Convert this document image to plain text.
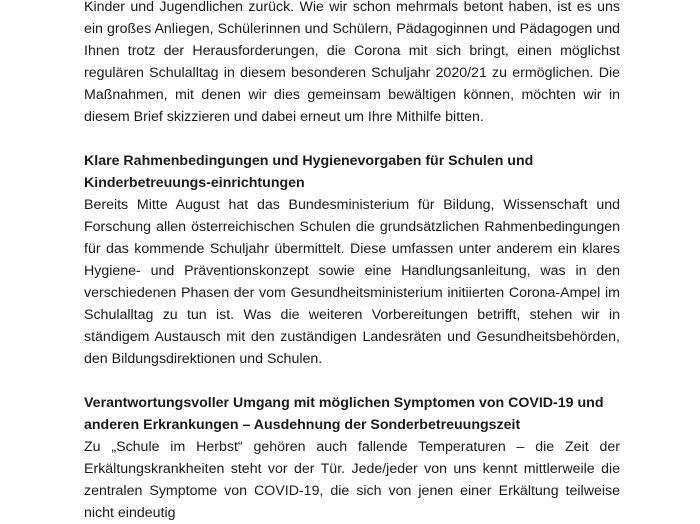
Kinder und Jugendlichen zurück. Wie wir schon mehrmals betont haben, ist es uns ein großes Anliegen, Schülerinnen und Schülern, Pädagoginnen und Pädagogen und Ihnen trotz der Herausforderungen, die Corona mit sich bringt, einen möglichst regulären Schulalltag in diesem besonderen Schuljahr 2020/21 zu ermöglichen. Die Maßnahmen, mit denen wir dies gemeinsam bewältigen können, möchten wir in diesem Brief skizzieren und dabei erneut um Ihre Mithilfe bitten.

Klare Rahmenbedingungen und Hygienevorgaben für Schulen und Kinderbetreuungs-einrichtungen

Bereits Mitte August hat das Bundesministerium für Bildung, Wissenschaft und Forschung allen österreichischen Schulen die grundsätzlichen Rahmenbedingungen für das kommende Schuljahr übermittelt. Diese umfassen unter anderem ein klares Hygiene- und Präventionskonzept sowie eine Handlungsanleitung, was in den verschiedenen Phasen der vom Gesundheitsministerium initiierten Corona-Ampel im Schulalltag zu tun ist. Was die weiteren Vorbereitungen betrifft, stehen wir in ständigem Austausch mit den zuständigen Landesräten und Gesundheitsbehörden, den Bildungsdirektionen und Schulen.

Verantwortungsvoller Umgang mit möglichen Symptomen von COVID-19 und anderen Erkrankungen – Ausdehnung der Sonderbetreuungszeit

Zu „Schule im Herbst“ gehören auch fallende Temperaturen – die Zeit der Erkältungskrankheiten steht vor der Tür. Jede/jeder von uns kennt mittlerweile die zentralen Symptome von COVID-19, die sich von jenen einer Erkältung teilweise nicht eindeutig
